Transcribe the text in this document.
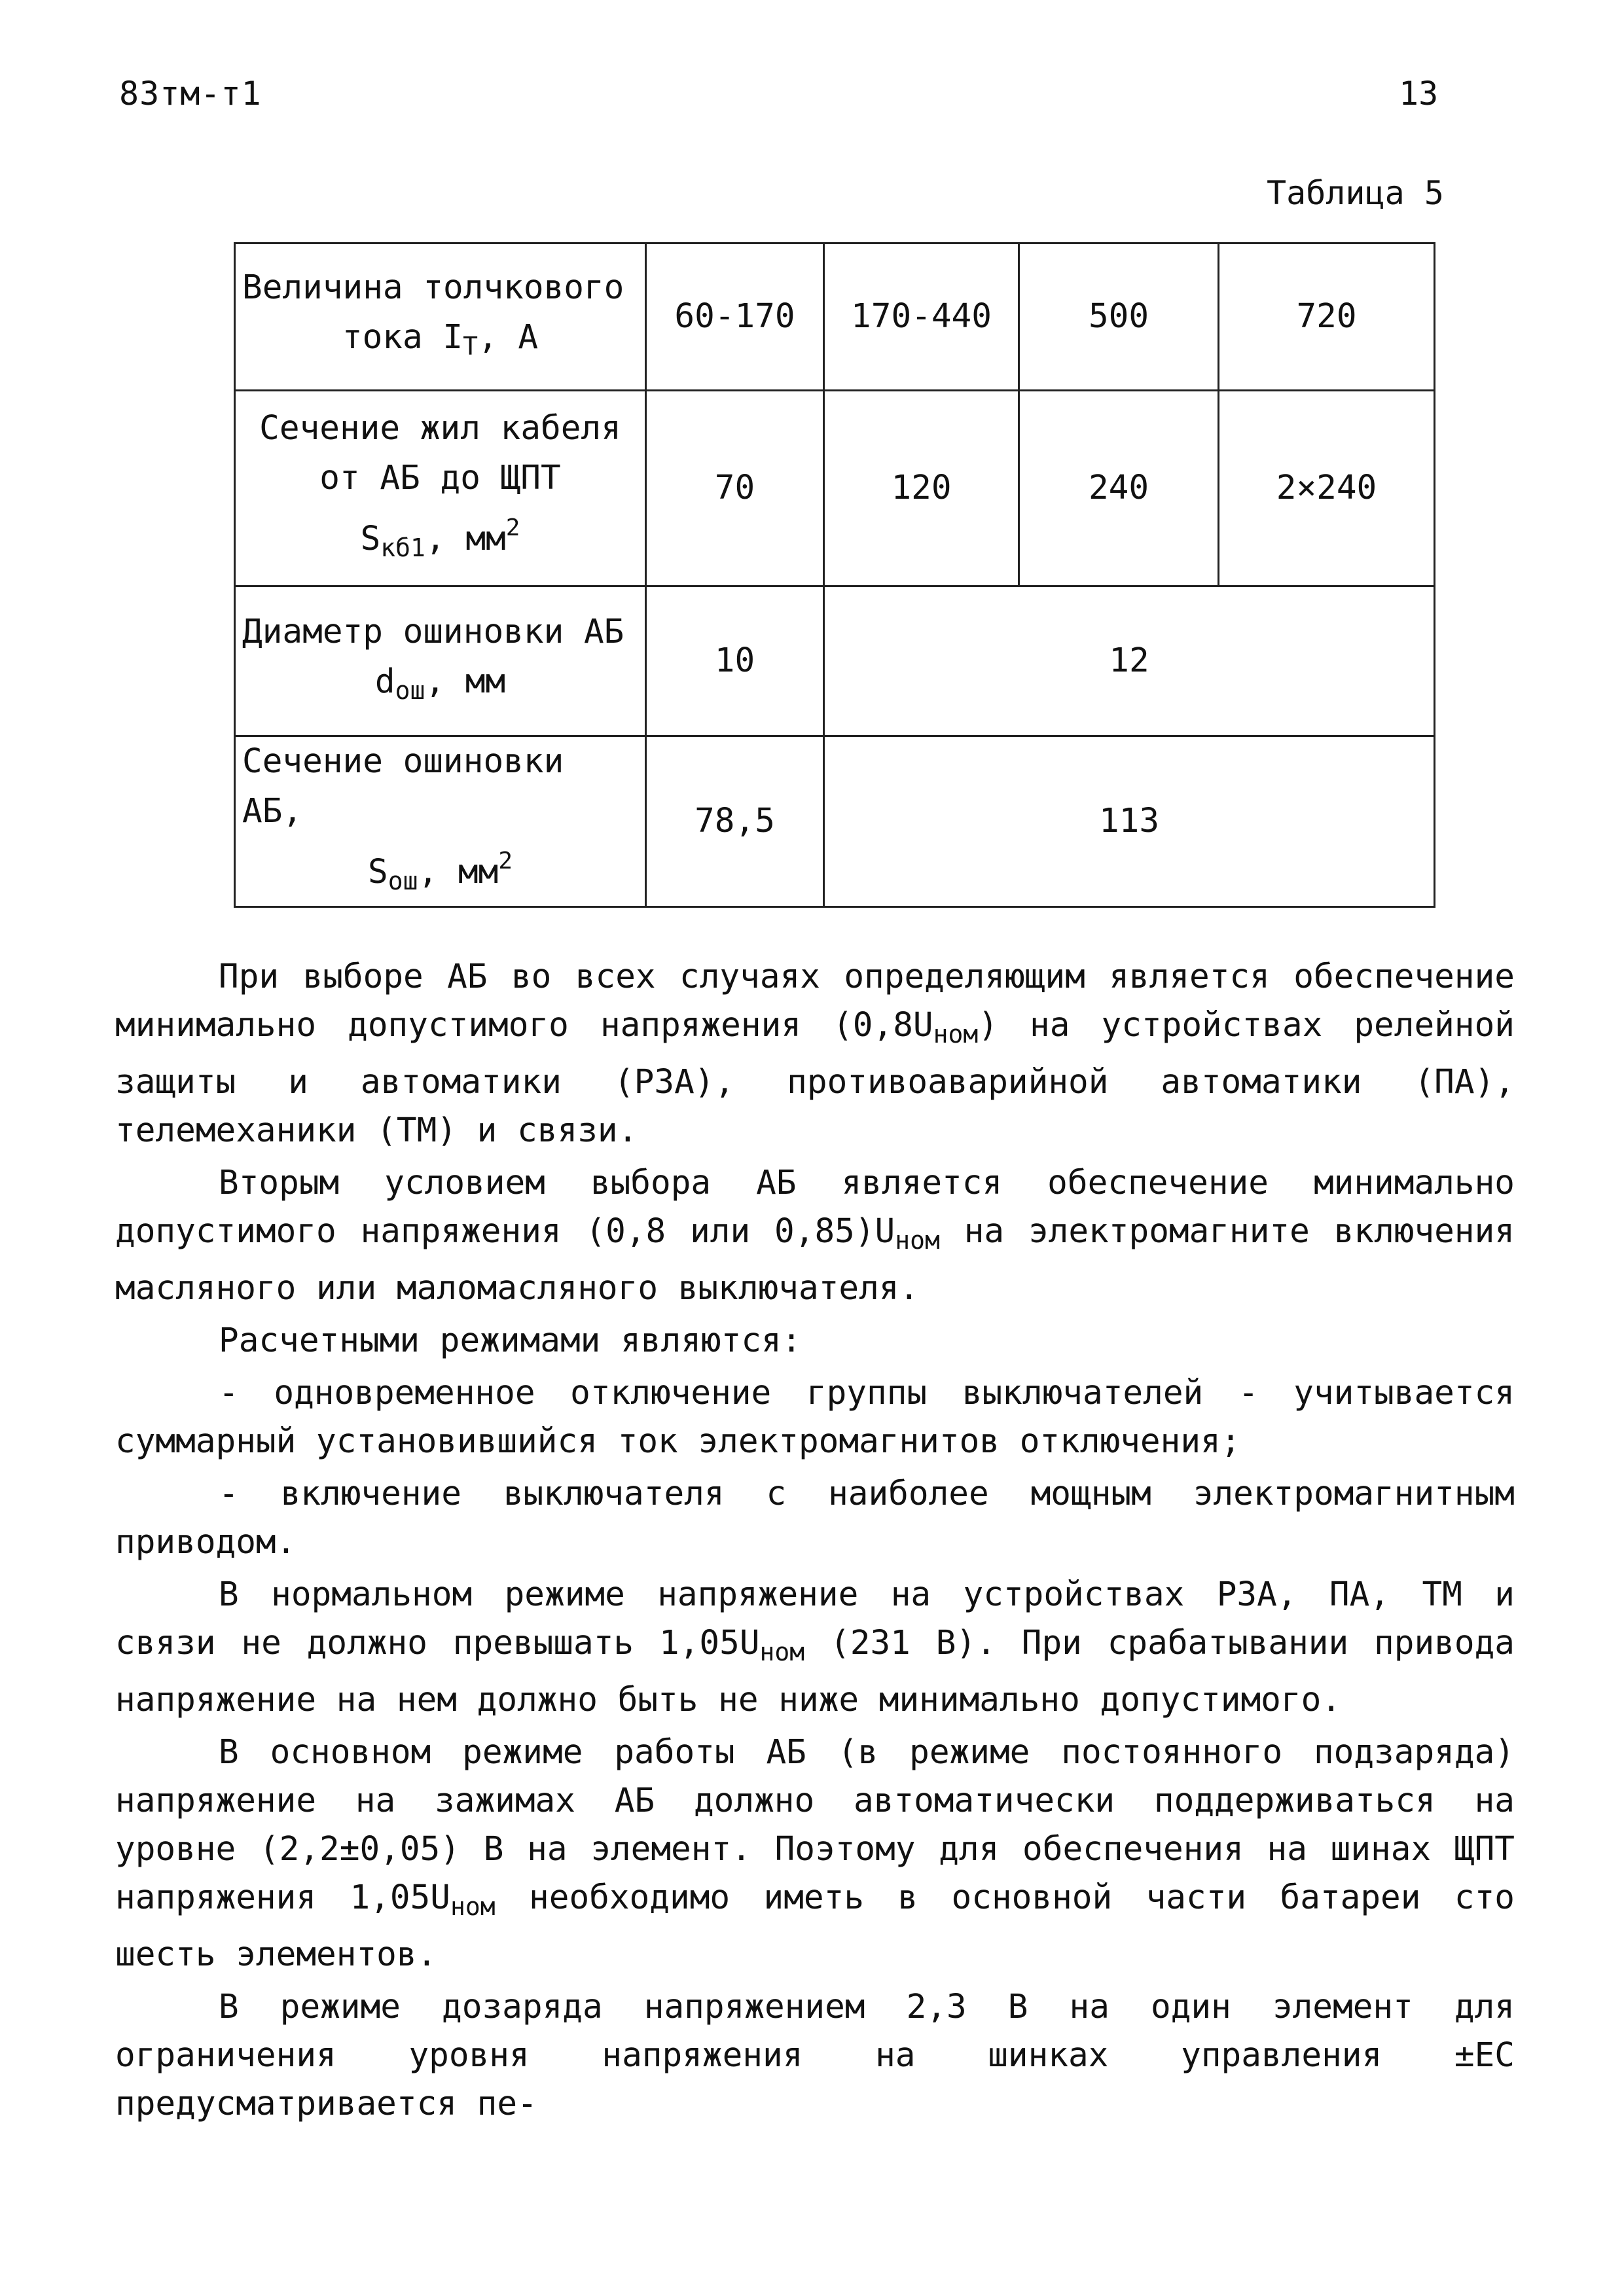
83тм-т1	13
Таблица 5
Величина толчкового
тока $I_Т$, А	60-170	170-440	500	720

Сечение жил кабеля
от АБ до ЩПТ
$S_{кб1}$, $мм^2$	70	120	240	2×240

Диаметр ошиновки АБ
$d_{ош}$, мм	10	12		

Сечение ошиновки АБ,
$S_{ош}$, $мм^2$	78,5	113		

При выборе АБ во всех случаях определяющим является обеспечение минимально допустимого напряжения $(0,8U_{ном})$ на устройствах релейной защиты и автоматики (РЗА), противоаварийной автоматики (ПА), телемеханики (ТМ) и связи.

Вторым условием выбора АБ является обеспечение минимально допустимого напряжения (0,8 или $0,85)U_{ном}$ на электромагните включения масляного или маломасляного выключателя.

Расчетными режимами являются:

- одновременное отключение группы выключателей - учитывается суммарный установившийся ток электромагнитов отключения;

- включение выключателя с наиболее мощным электромагнитным приводом.

В нормальном режиме напряжение на устройствах РЗА, ПА, ТМ и связи не должно превышать $1,05U_{ном}$ (231 В). При срабатывании привода напряжение на нем должно быть не ниже минимально допустимого.

В основном режиме работы АБ (в режиме постоянного подзаряда) напряжение на зажимах АБ должно автоматически поддерживаться на уровне (2,2±0,05) В на элемент. Поэтому для обеспечения на шинах ЩПТ напряжения $1,05U_{ном}$ необходимо иметь в основной части батареи сто шесть элементов.

В режиме дозаряда напряжением 2,3 В на один элемент для ограничения уровня напряжения на шинках управления ±ЕС предусматривается пе-
